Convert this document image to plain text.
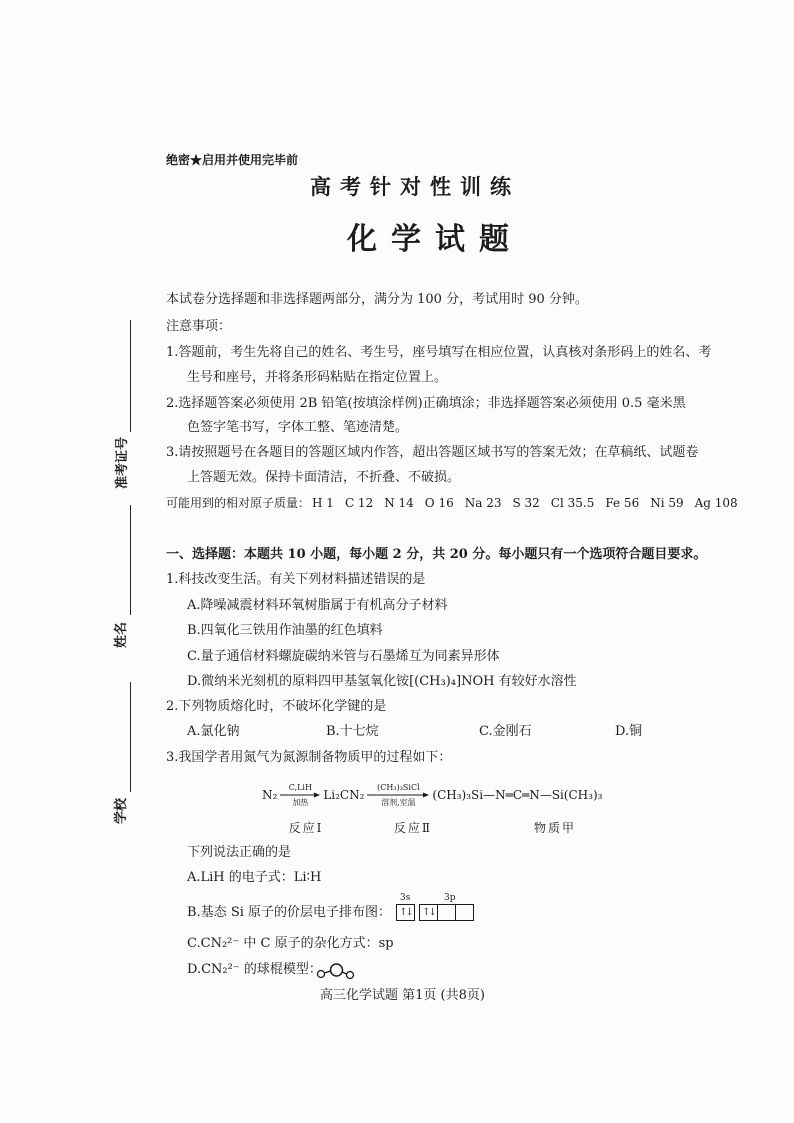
准考证号
姓名
学校
绝密★启用并使用完毕前
高考针对性训练
化学试题
本试卷分选择题和非选择题两部分，满分为 100 分，考试用时 90 分钟。
注意事项：
1.答题前，考生先将自己的姓名、考生号，座号填写在相应位置，认真核对条形码上的姓名、考
生号和座号，并将条形码粘贴在指定位置上。
2.选择题答案必须使用 2B 铅笔(按填涂样例)正确填涂；非选择题答案必须使用 0.5 毫米黑
色签字笔书写，字体工整、笔迹清楚。
3.请按照题号在各题目的答题区域内作答，超出答题区域书写的答案无效；在草稿纸、试题卷
上答题无效。保持卡面清洁，不折叠、不破损。
可能用到的相对原子质量： H 1 C 12 N 14 O 16 Na 23 S 32 Cl 35.5 Fe 56 Ni 59 Ag 108
一、选择题：本题共 10 小题，每小题 2 分，共 20 分。每小题只有一个选项符合题目要求。
1.科技改变生活。有关下列材料描述错误的是
A.降噪减震材料环氧树脂属于有机高分子材料
B.四氧化三铁用作油墨的红色填料
C.量子通信材料螺旋碳纳米管与石墨烯互为同素异形体
D.微纳米光刻机的原料四甲基氢氧化铵[(CH₃)₄]NOH 有较好水溶性
2.下列物质熔化时，不破坏化学键的是
A.氯化钠	B.十七烷	C.金刚石	D.铜
3.我国学者用氮气为氮源制备物质甲的过程如下：
N₂
C,LiH
加热
Li₂CN₂
(CH₃)₃SiCl
溶剂,室温
(CH₃)₃Si—N═C═N—Si(CH₃)₃
反应Ⅰ	反应Ⅱ	物质甲
下列说法正确的是
A.LiH 的电子式：Li∶H
B.基态 Si 原子的价层电子排布图：
3s	3p
↑↓	↑↓
C.CN₂²⁻ 中 C 原子的杂化方式：sp
D.CN₂²⁻ 的球棍模型：
高三化学试题 第1页 (共8页)
